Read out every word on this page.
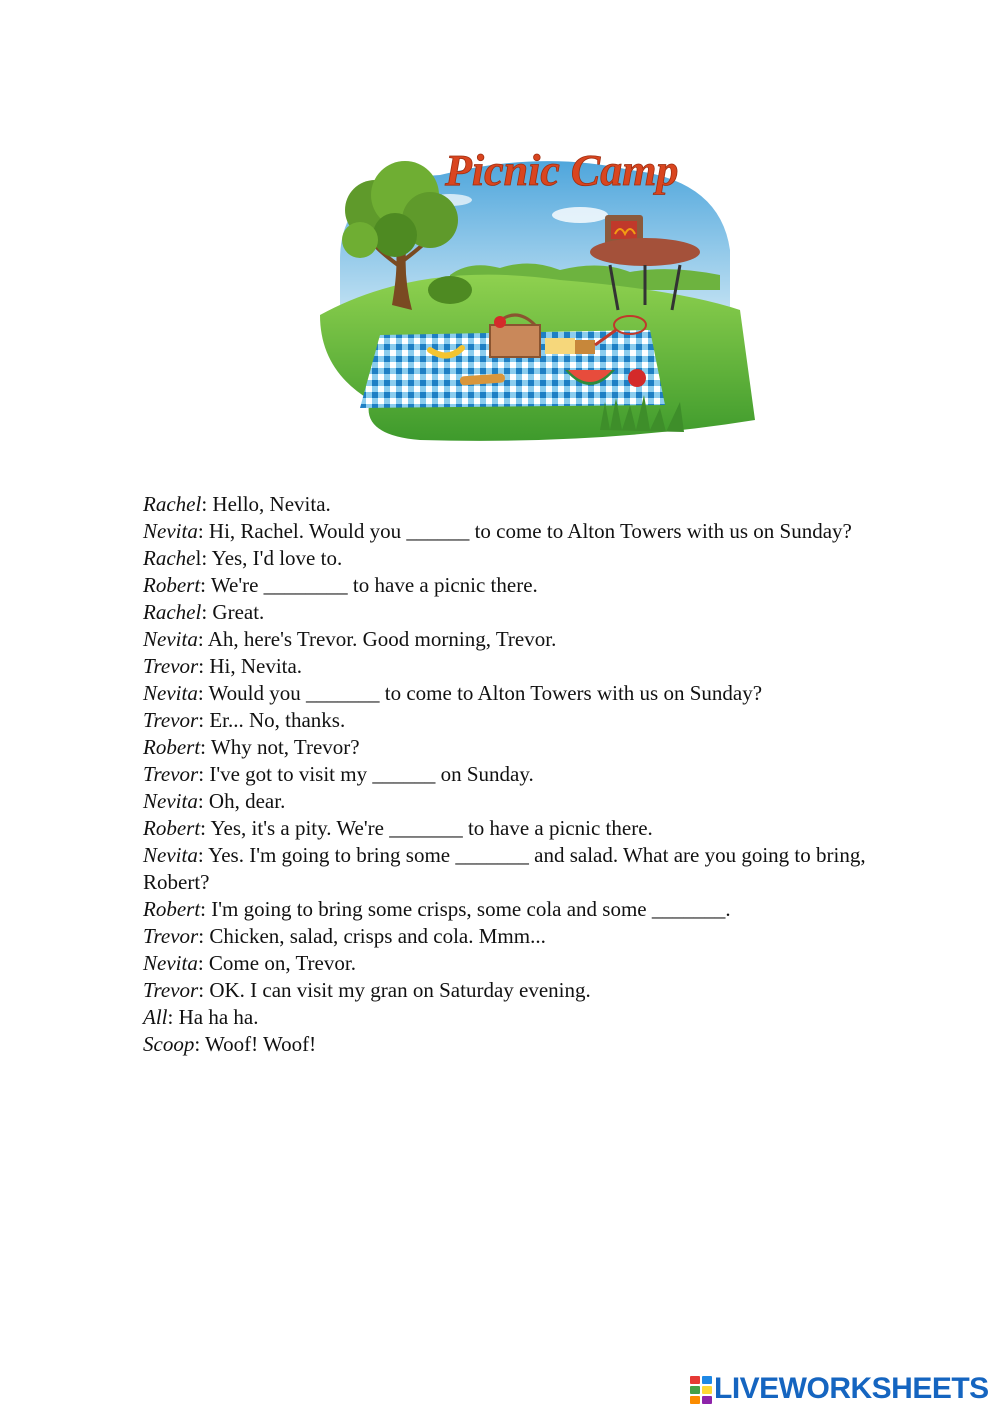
Picnic Camp

Rachel: Hello, Nevita.

Nevita: Hi, Rachel. Would you ______ to come to Alton Towers with us on Sunday?

Rachel: Yes, I'd love to.

Robert: We're ________ to have a picnic there.

Rachel: Great.

Nevita: Ah, here's Trevor. Good morning, Trevor.

Trevor: Hi, Nevita.

Nevita: Would you _______ to come to Alton Towers with us on Sunday?

Trevor: Er... No, thanks.

Robert: Why not, Trevor?

Trevor: I've got to visit my ______ on Sunday.

Nevita: Oh, dear.

Robert: Yes, it's a pity. We're _______ to have a picnic there.

Nevita: Yes. I'm going to bring some _______ and salad. What are you going to bring, Robert?

Robert: I'm going to bring some crisps, some cola and some _______.

Trevor: Chicken, salad, crisps and cola. Mmm...

Nevita: Come on, Trevor.

Trevor: OK. I can visit my gran on Saturday evening.

All: Ha ha ha.

Scoop: Woof! Woof!

LIVEWORKSHEETS
